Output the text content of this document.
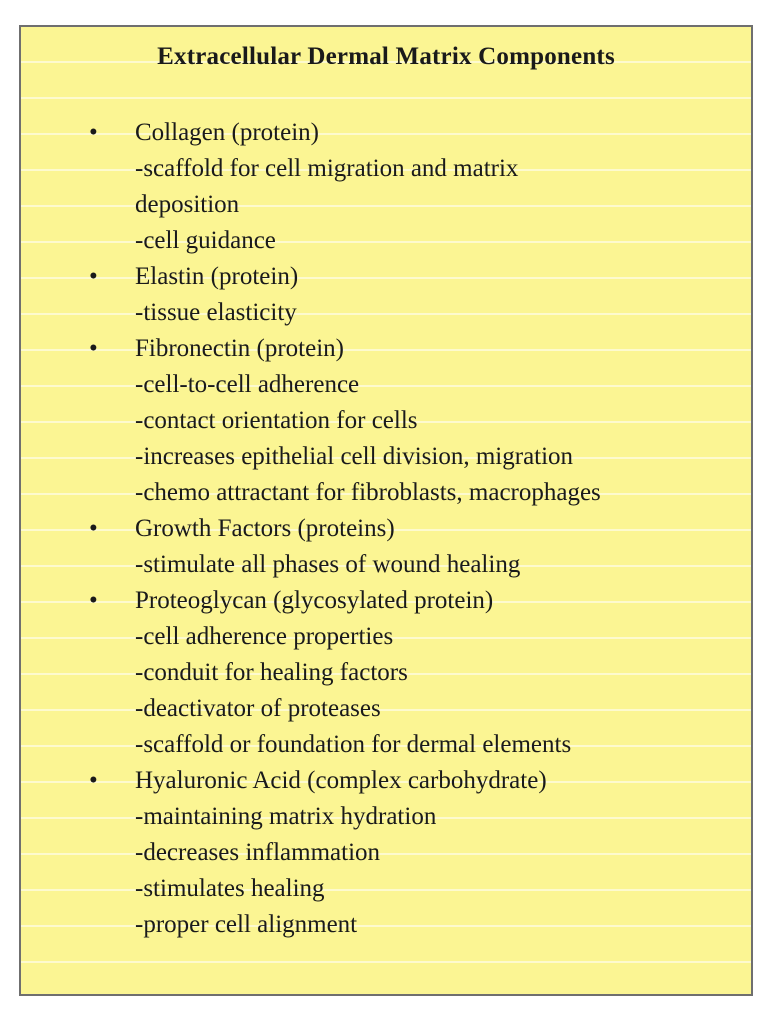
Extracellular Dermal Matrix Components
• Collagen (protein)
-scaffold for cell migration and matrix
deposition
-cell guidance
• Elastin (protein)
-tissue elasticity
• Fibronectin (protein)
-cell-to-cell adherence
-contact orientation for cells
-increases epithelial cell division, migration
-chemo attractant for fibroblasts, macrophages
• Growth Factors (proteins)
-stimulate all phases of wound healing
• Proteoglycan (glycosylated protein)
-cell adherence properties
-conduit for healing factors
-deactivator of proteases
-scaffold or foundation for dermal elements
• Hyaluronic Acid (complex carbohydrate)
-maintaining matrix hydration
-decreases inflammation
-stimulates healing
-proper cell alignment
